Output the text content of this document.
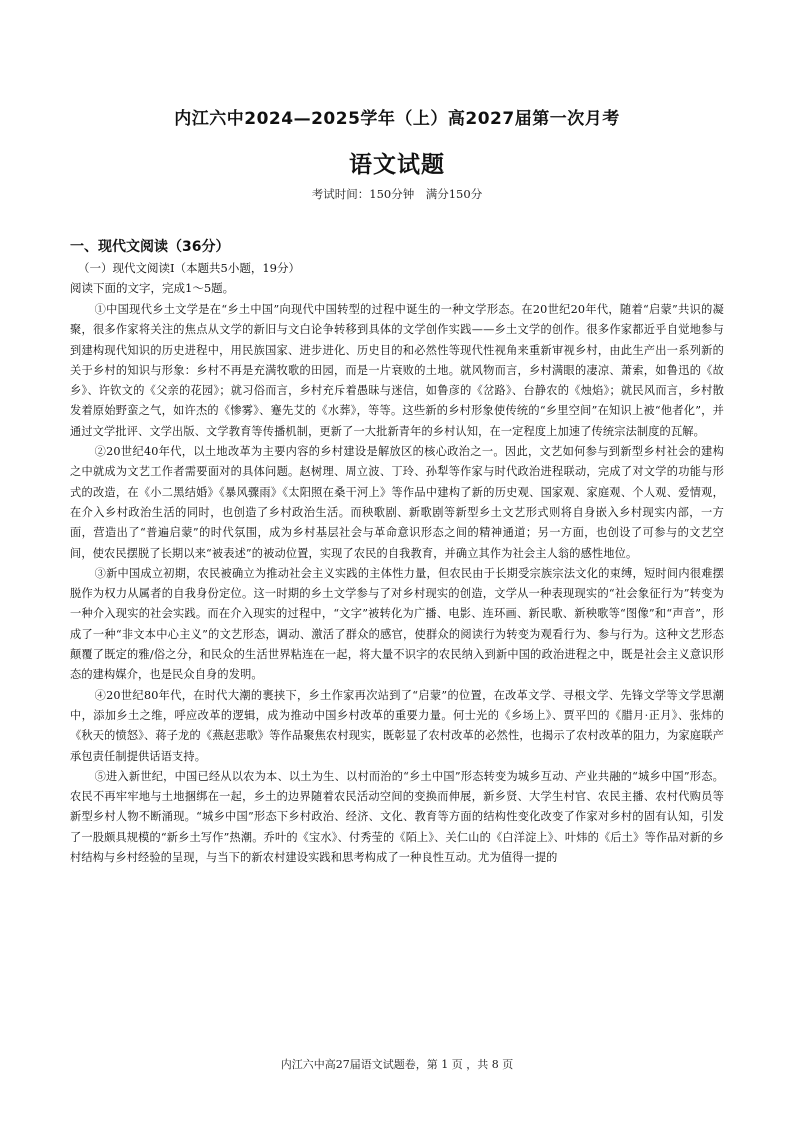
内江六中2024—2025学年（上）高2027届第一次月考
语文试题
考试时间：150分钟　满分150分
一、现代文阅读（36分）
（一）现代文阅读Ⅰ（本题共5小题，19分）
阅读下面的文字，完成1～5题。

①中国现代乡土文学是在“乡土中国”向现代中国转型的过程中诞生的一种文学形态。在20世纪20年代，随着“启蒙”共识的凝聚，很多作家将关注的焦点从文学的新旧与文白论争转移到具体的文学创作实践——乡土文学的创作。很多作家都近乎自觉地参与到建构现代知识的历史进程中，用民族国家、进步进化、历史目的和必然性等现代性视角来重新审视乡村，由此生产出一系列新的关于乡村的知识与形象：乡村不再是充满牧歌的田园，而是一片衰败的土地。就风物而言，乡村满眼的凄凉、萧索，如鲁迅的《故乡》、许钦文的《父亲的花园》；就习俗而言，乡村充斥着愚昧与迷信，如鲁彦的《岔路》、台静农的《烛焰》；就民风而言，乡村散发着原始野蛮之气，如许杰的《惨雾》、蹇先艾的《水葬》，等等。这些新的乡村形象使传统的“乡里空间”在知识上被“他者化”，并通过文学批评、文学出版、文学教育等传播机制，更新了一大批新青年的乡村认知，在一定程度上加速了传统宗法制度的瓦解。

②20世纪40年代，以土地改革为主要内容的乡村建设是解放区的核心政治之一。因此，文艺如何参与到新型乡村社会的建构之中就成为文艺工作者需要面对的具体问题。赵树理、周立波、丁玲、孙犁等作家与时代政治进程联动，完成了对文学的功能与形式的改造，在《小二黑结婚》《暴风骤雨》《太阳照在桑干河上》等作品中建构了新的历史观、国家观、家庭观、个人观、爱情观，在介入乡村政治生活的同时，也创造了乡村政治生活。而秧歌剧、新歌剧等新型乡土文艺形式则将自身嵌入乡村现实内部，一方面，营造出了“普遍启蒙”的时代氛围，成为乡村基层社会与革命意识形态之间的精神通道；另一方面，也创设了可参与的文艺空间，使农民摆脱了长期以来“被表述”的被动位置，实现了农民的自我教育，并确立其作为社会主人翁的感性地位。

③新中国成立初期，农民被确立为推动社会主义实践的主体性力量，但农民由于长期受宗族宗法文化的束缚，短时间内很难摆脱作为权力从属者的自我身份定位。这一时期的乡土文学参与了对乡村现实的创造，文学从一种表现现实的“社会象征行为”转变为一种介入现实的社会实践。而在介入现实的过程中，“文字”被转化为广播、电影、连环画、新民歌、新秧歌等“图像”和“声音”，形成了一种“非文本中心主义”的文艺形态，调动、激活了群众的感官，使群众的阅读行为转变为观看行为、参与行为。这种文艺形态颠覆了既定的雅/俗之分，和民众的生活世界粘连在一起，将大量不识字的农民纳入到新中国的政治进程之中，既是社会主义意识形态的建构媒介，也是民众自身的发明。

④20世纪80年代，在时代大潮的裹挟下，乡土作家再次站到了“启蒙”的位置，在改革文学、寻根文学、先锋文学等文学思潮中，添加乡土之维，呼应改革的逻辑，成为推动中国乡村改革的重要力量。何士光的《乡场上》、贾平凹的《腊月·正月》、张炜的《秋天的愤怒》、蒋子龙的《燕赵悲歌》等作品聚焦农村现实，既彰显了农村改革的必然性，也揭示了农村改革的阻力，为家庭联产承包责任制提供话语支持。

⑤进入新世纪，中国已经从以农为本、以土为生、以村而治的“乡土中国”形态转变为城乡互动、产业共融的“城乡中国”形态。农民不再牢牢地与土地捆绑在一起，乡土的边界随着农民活动空间的变换而伸展，新乡贤、大学生村官、农民主播、农村代购员等新型乡村人物不断涌现。“城乡中国”形态下乡村政治、经济、文化、教育等方面的结构性变化改变了作家对乡村的固有认知，引发了一股颇具规模的“新乡土写作”热潮。乔叶的《宝水》、付秀莹的《陌上》、关仁山的《白洋淀上》、叶炜的《后土》等作品对新的乡村结构与乡村经验的呈现，与当下的新农村建设实践和思考构成了一种良性互动。尤为值得一提的

内江六中高27届语文试题卷，第 1 页 ，共 8 页
